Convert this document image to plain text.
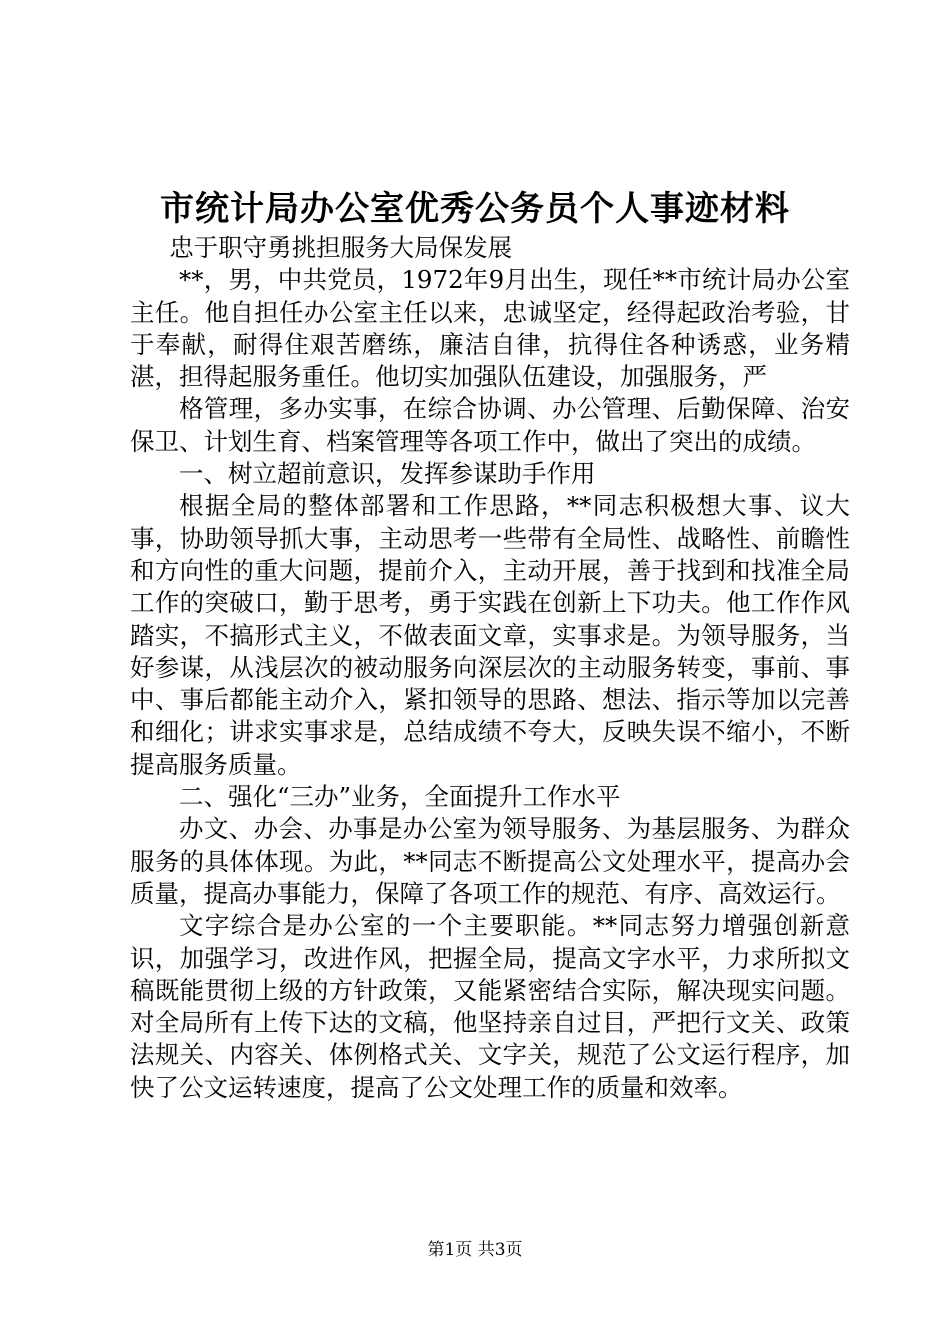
市统计局办公室优秀公务员个人事迹材料

忠于职守勇挑担服务大局保发展

**，男，中共党员，1972年9月出生，现任**市统计局办公室主任。他自担任办公室主任以来，忠诚坚定，经得起政治考验，甘于奉献，耐得住艰苦磨练，廉洁自律，抗得住各种诱惑，业务精湛，担得起服务重任。他切实加强队伍建设，加强服务，严

格管理，多办实事，在综合协调、办公管理、后勤保障、治安保卫、计划生育、档案管理等各项工作中，做出了突出的成绩。

一、树立超前意识，发挥参谋助手作用

根据全局的整体部署和工作思路，**同志积极想大事、议大事，协助领导抓大事，主动思考一些带有全局性、战略性、前瞻性和方向性的重大问题，提前介入，主动开展，善于找到和找准全局工作的突破口，勤于思考，勇于实践在创新上下功夫。他工作作风踏实，不搞形式主义，不做表面文章，实事求是。为领导服务，当好参谋，从浅层次的被动服务向深层次的主动服务转变，事前、事中、事后都能主动介入，紧扣领导的思路、想法、指示等加以完善和细化；讲求实事求是，总结成绩不夸大，反映失误不缩小，不断提高服务质量。

二、强化“三办”业务，全面提升工作水平

办文、办会、办事是办公室为领导服务、为基层服务、为群众服务的具体体现。为此，**同志不断提高公文处理水平，提高办会质量，提高办事能力，保障了各项工作的规范、有序、高效运行。

文字综合是办公室的一个主要职能。**同志努力增强创新意识，加强学习，改进作风，把握全局，提高文字水平，力求所拟文稿既能贯彻上级的方针政策，又能紧密结合实际，解决现实问题。对全局所有上传下达的文稿，他坚持亲自过目，严把行文关、政策法规关、内容关、体例格式关、文字关，规范了公文运行程序，加快了公文运转速度，提高了公文处理工作的质量和效率。

第1页 共3页
